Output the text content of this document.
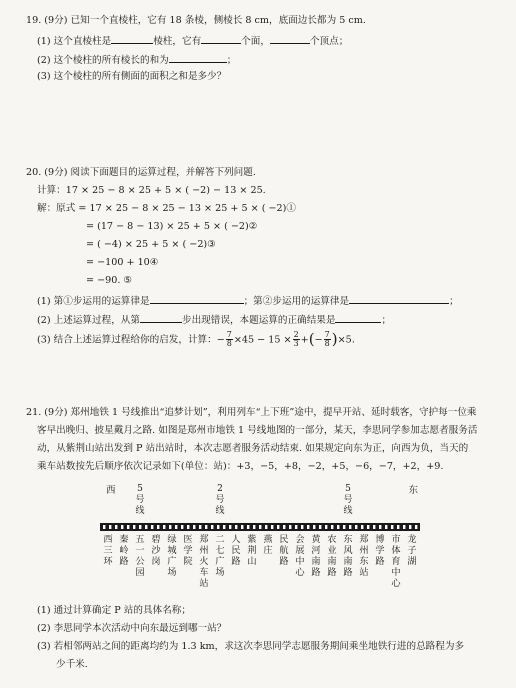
19. (9分) 已知一个直棱柱，它有 18 条棱，侧棱长 8 cm，底面边长都为 5 cm.
(1) 这个直棱柱是	棱柱，它有	个面，	个顶点；
(2) 这个棱柱的所有棱长的和为	；
(3) 这个棱柱的所有侧面的面积之和是多少？
20. (9分) 阅读下面题目的运算过程，并解答下列问题.
计算：17 × 25 − 8 × 25 + 5 × ( −2) − 13 × 25.
解：原式 = 17 × 25 − 8 × 25 − 13 × 25 + 5 × ( −2)①
= (17 − 8 − 13) × 25 + 5 × ( −2)②
= ( −4) × 25 + 5 × ( −2)③
= −100 + 10④
= −90. ⑤
(1) 第①步运用的运算律是	；第②步运用的运算律是	；
(2) 上述运算过程，从第	步出现错误，本题运算的正确结果是	；
(3) 结合上述运算过程给你的启发，计算：− $\frac{7}{8} \times 45 - 15 \times \frac{2}{3}$ +(− $\frac{7}{8} )\times 5$.
21. (9分) 郑州地铁 1 号线推出“追梦计划”，利用列车“上下班”途中，提早开站、延时载客，守护每一位乘
客早出晚归、披星戴月之路. 如图是郑州市地铁 1 号线地图的一部分，某天，李思同学参加志愿者服务活
动，从紫荆山站出发到 P 站出站时，本次志愿者服务活动结束. 如果规定向东为正，向西为负，当天的
乘车站数按先后顺序依次记录如下(单位：站)：+3，−5，+8，−2，+5，−6，−7，+2，+9.
西	东
5
号
线
2
号
线
5
号
线
西三环
秦岭路
五一公园
碧沙岗
绿城广场
医学院
郑州火车站
二七广场
人民路
紫荆山
燕庄
民航路
会展中心
黄河南路
农业南路
东风南路
郑州东站
博学路
市体育中心
龙子湖
(1) 通过计算确定 P 站的具体名称；
(2) 李思同学本次活动中向东最远到哪一站？
(3) 若相邻两站之间的距离均约为 1.3 km，求这次李思同学志愿服务期间乘坐地铁行进的总路程为多
少千米.
